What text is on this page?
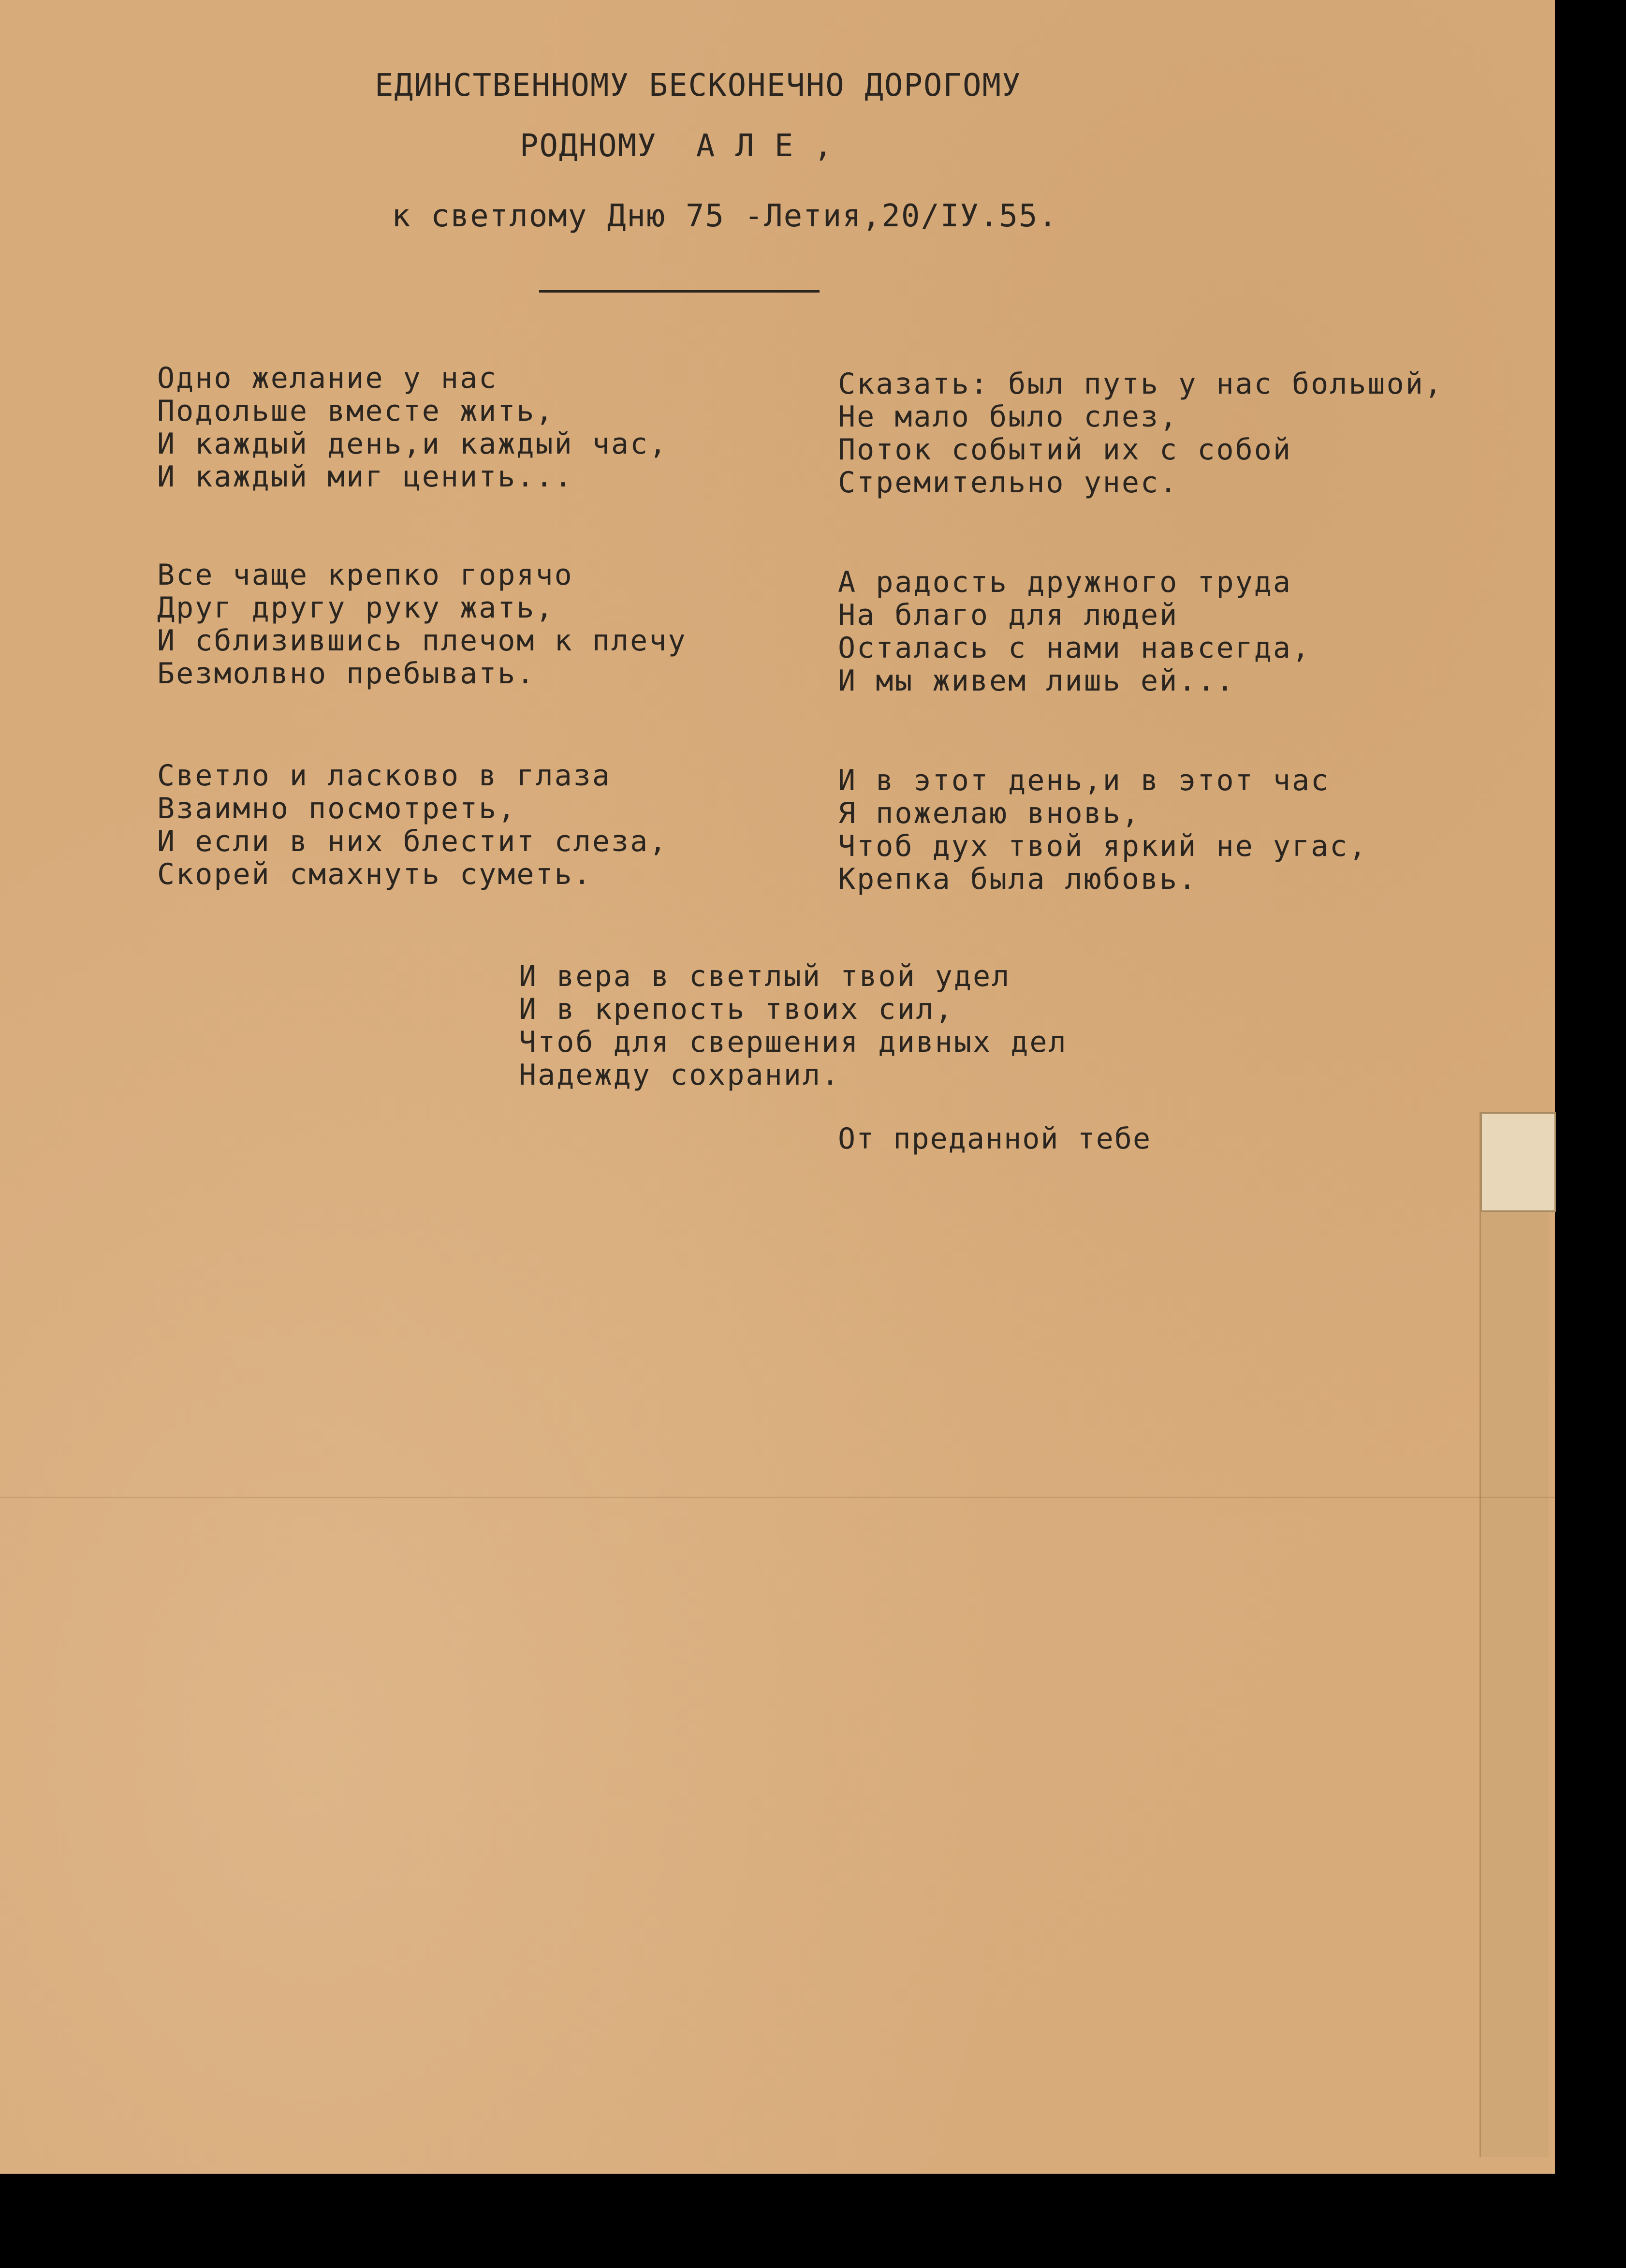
ЕДИНСТВЕННОМУ БЕСКОНЕЧНО ДОРОГОМУ
РОДНОМУ  А Л Е ,
к светлому Дню 75 -Летия,20/IУ.55.
Одно желание у нас
Подольше вместе жить,
И каждый день,и каждый час,
И каждый миг ценить...
Все чаще крепко горячо
Друг другу руку жать,
И сблизившись плечом к плечу
Безмолвно пребывать.
Светло и ласково в глаза
Взаимно посмотреть,
И если в них блестит слеза,
Скорей смахнуть суметь.
Сказать: был путь у нас большой,
Не мало было слез,
Поток событий их с собой
Стремительно унес.
А радость дружного труда
На благо для людей
Осталась с нами навсегда,
И мы живем лишь ей...
И в этот день,и в этот час
Я пожелаю вновь,
Чтоб дух твой яркий не угас,
Крепка была любовь.
И вера в светлый твой удел
И в крепость твоих сил,
Чтоб для свершения дивных дел
Надежду сохранил.
От преданной тебе
